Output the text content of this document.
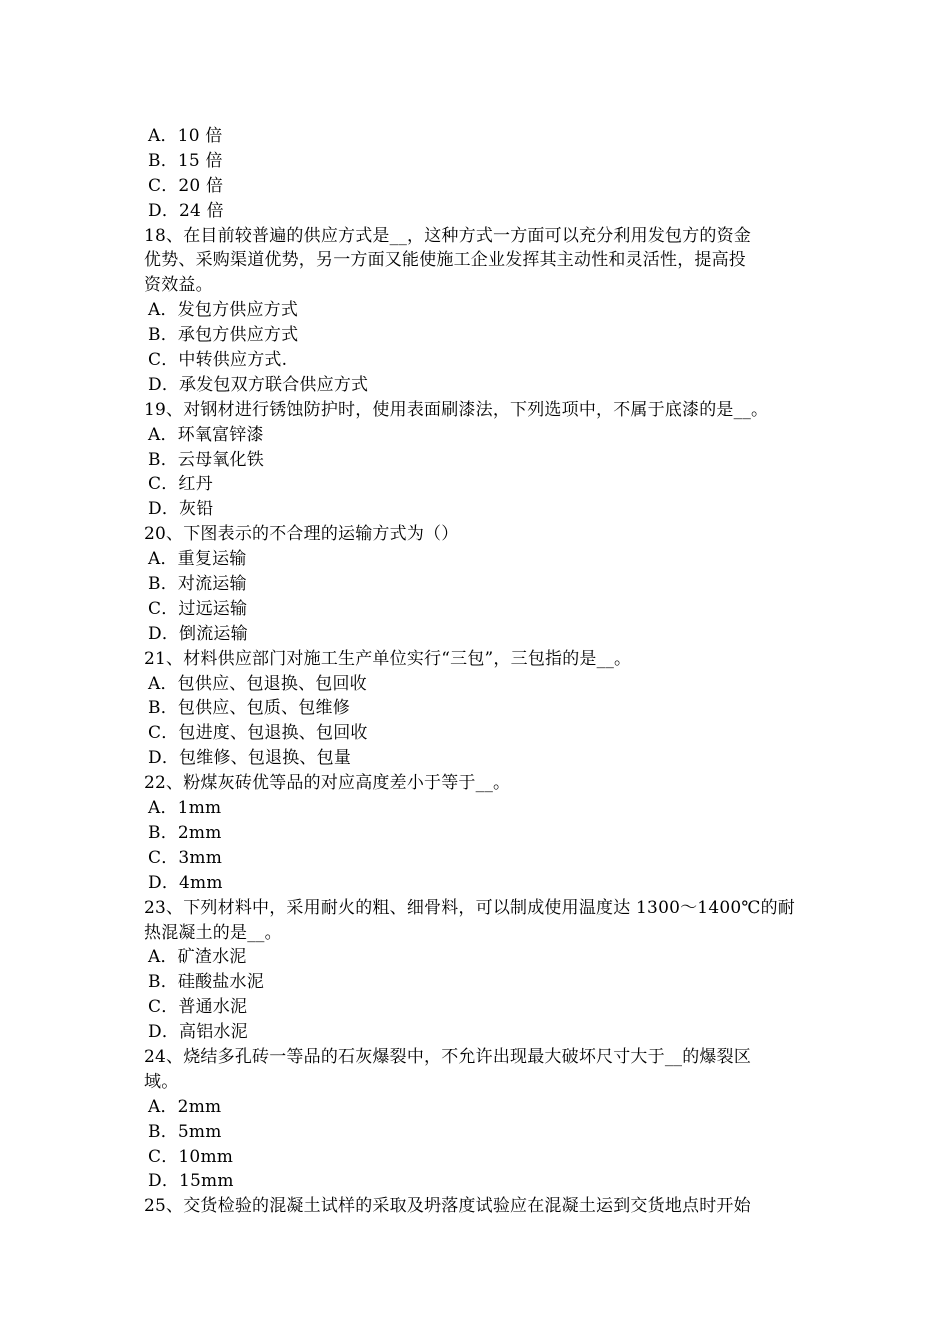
A．10 倍
B．15 倍
C．20 倍
D．24 倍
18、在目前较普遍的供应方式是__，这种方式一方面可以充分利用发包方的资金
优势、采购渠道优势，另一方面又能使施工企业发挥其主动性和灵活性，提高投
资效益。
A．发包方供应方式
B．承包方供应方式
C．中转供应方式.
D．承发包双方联合供应方式
19、对钢材进行锈蚀防护时，使用表面刷漆法，下列选项中，不属于底漆的是__。
A．环氧富锌漆
B．云母氧化铁
C．红丹
D．灰铅
20、下图表示的不合理的运输方式为（）
A．重复运输
B．对流运输
C．过远运输
D．倒流运输
21、材料供应部门对施工生产单位实行“三包”，三包指的是__。
A．包供应、包退换、包回收
B．包供应、包质、包维修
C．包进度、包退换、包回收
D．包维修、包退换、包量
22、粉煤灰砖优等品的对应高度差小于等于__。
A．1mm
B．2mm
C．3mm
D．4mm
23、下列材料中，采用耐火的粗、细骨料，可以制成使用温度达 1300～1400℃的耐
热混凝土的是__。
A．矿渣水泥
B．硅酸盐水泥
C．普通水泥
D．高铝水泥
24、烧结多孔砖一等品的石灰爆裂中，不允许出现最大破坏尺寸大于__的爆裂区
域。
A．2mm
B．5mm
C．10mm
D．15mm
25、交货检验的混凝土试样的采取及坍落度试验应在混凝土运到交货地点时开始
